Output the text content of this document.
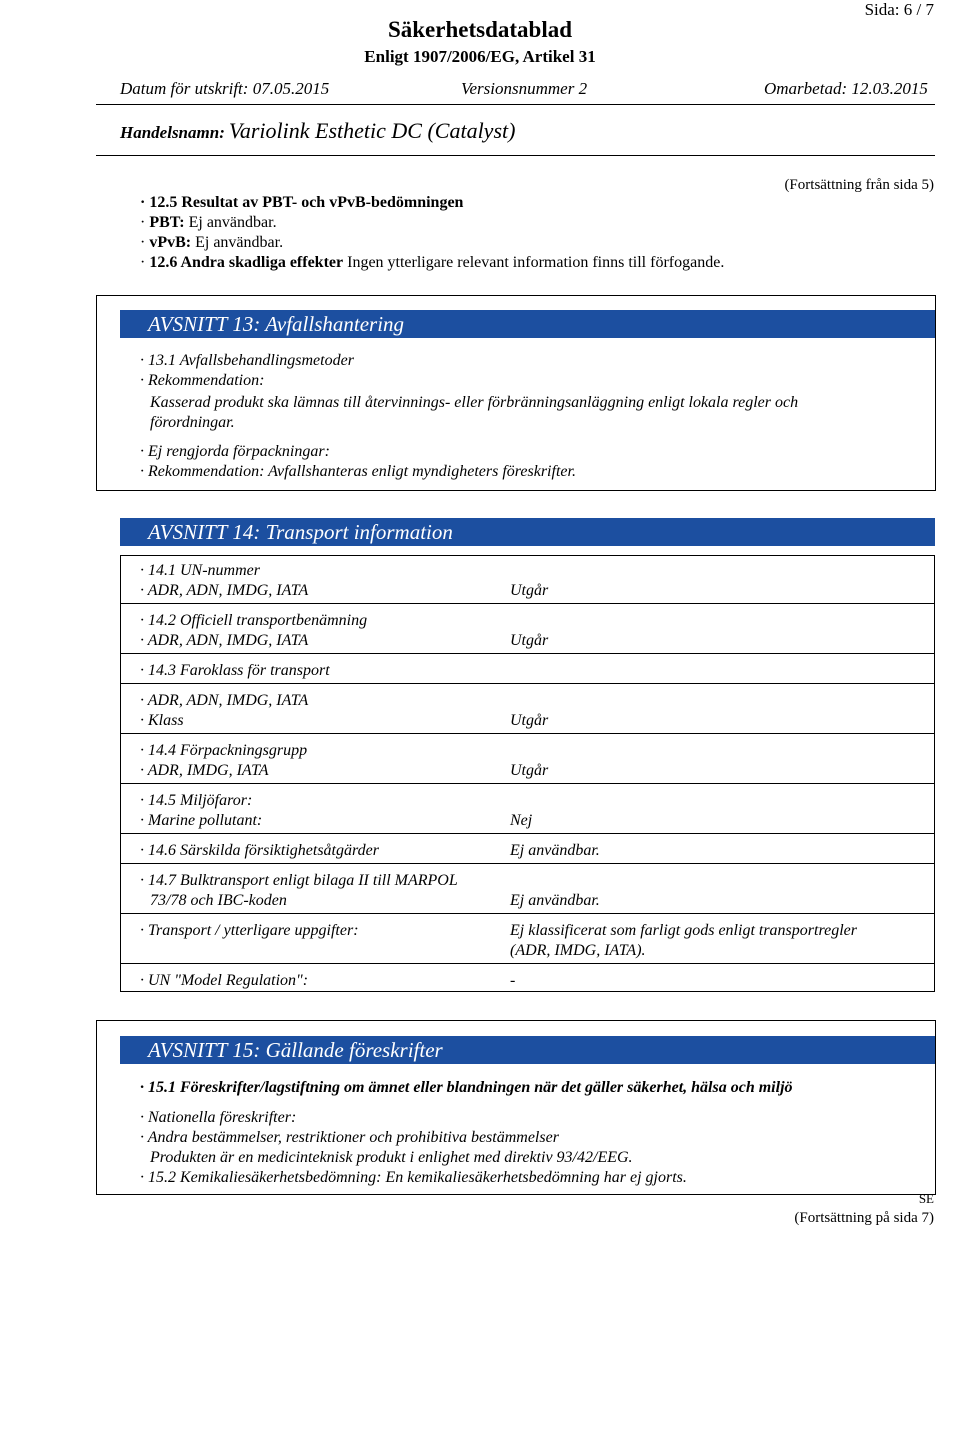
Sida: 6 / 7
Säkerhetsdatablad
Enligt 1907/2006/EG, Artikel 31
Datum för utskrift: 07.05.2015	Versionsnummer 2	Omarbetad: 12.03.2015
Handelsnamn: Variolink Esthetic DC (Catalyst)
(Fortsättning från sida 5)
· 12.5 Resultat av PBT- och vPvB-bedömningen
· PBT: Ej användbar.
· vPvB: Ej användbar.
· 12.6 Andra skadliga effekter Ingen ytterligare relevant information finns till förfogande.
AVSNITT 13: Avfallshantering
· 13.1 Avfallsbehandlingsmetoder
· Rekommendation:
Kasserad produkt ska lämnas till återvinnings- eller förbränningsanläggning enligt lokala regler och
förordningar.
· Ej rengjorda förpackningar:
· Rekommendation: Avfallshanteras enligt myndigheters föreskrifter.
AVSNITT 14: Transport information
· 14.1 UN-nummer
· ADR, ADN, IMDG, IATA	Utgår
· 14.2 Officiell transportbenämning
· ADR, ADN, IMDG, IATA	Utgår
· 14.3 Faroklass för transport
· ADR, ADN, IMDG, IATA
· Klass	Utgår
· 14.4 Förpackningsgrupp
· ADR, IMDG, IATA	Utgår
· 14.5 Miljöfaror:
· Marine pollutant:	Nej
· 14.6 Särskilda försiktighetsåtgärder	Ej användbar.
· 14.7 Bulktransport enligt bilaga II till MARPOL
73/78 och IBC-koden	Ej användbar.
· Transport / ytterligare uppgifter:	Ej klassificerat som farligt gods enligt transportregler
(ADR, IMDG, IATA).
· UN "Model Regulation":	-
AVSNITT 15: Gällande föreskrifter
· 15.1 Föreskrifter/lagstiftning om ämnet eller blandningen när det gäller säkerhet, hälsa och miljö
· Nationella föreskrifter:
· Andra bestämmelser, restriktioner och prohibitiva bestämmelser
Produkten är en medicinteknisk produkt i enlighet med direktiv 93/42/EEG.
· 15.2 Kemikaliesäkerhetsbedömning: En kemikaliesäkerhetsbedömning har ej gjorts.
SE
(Fortsättning på sida 7)
